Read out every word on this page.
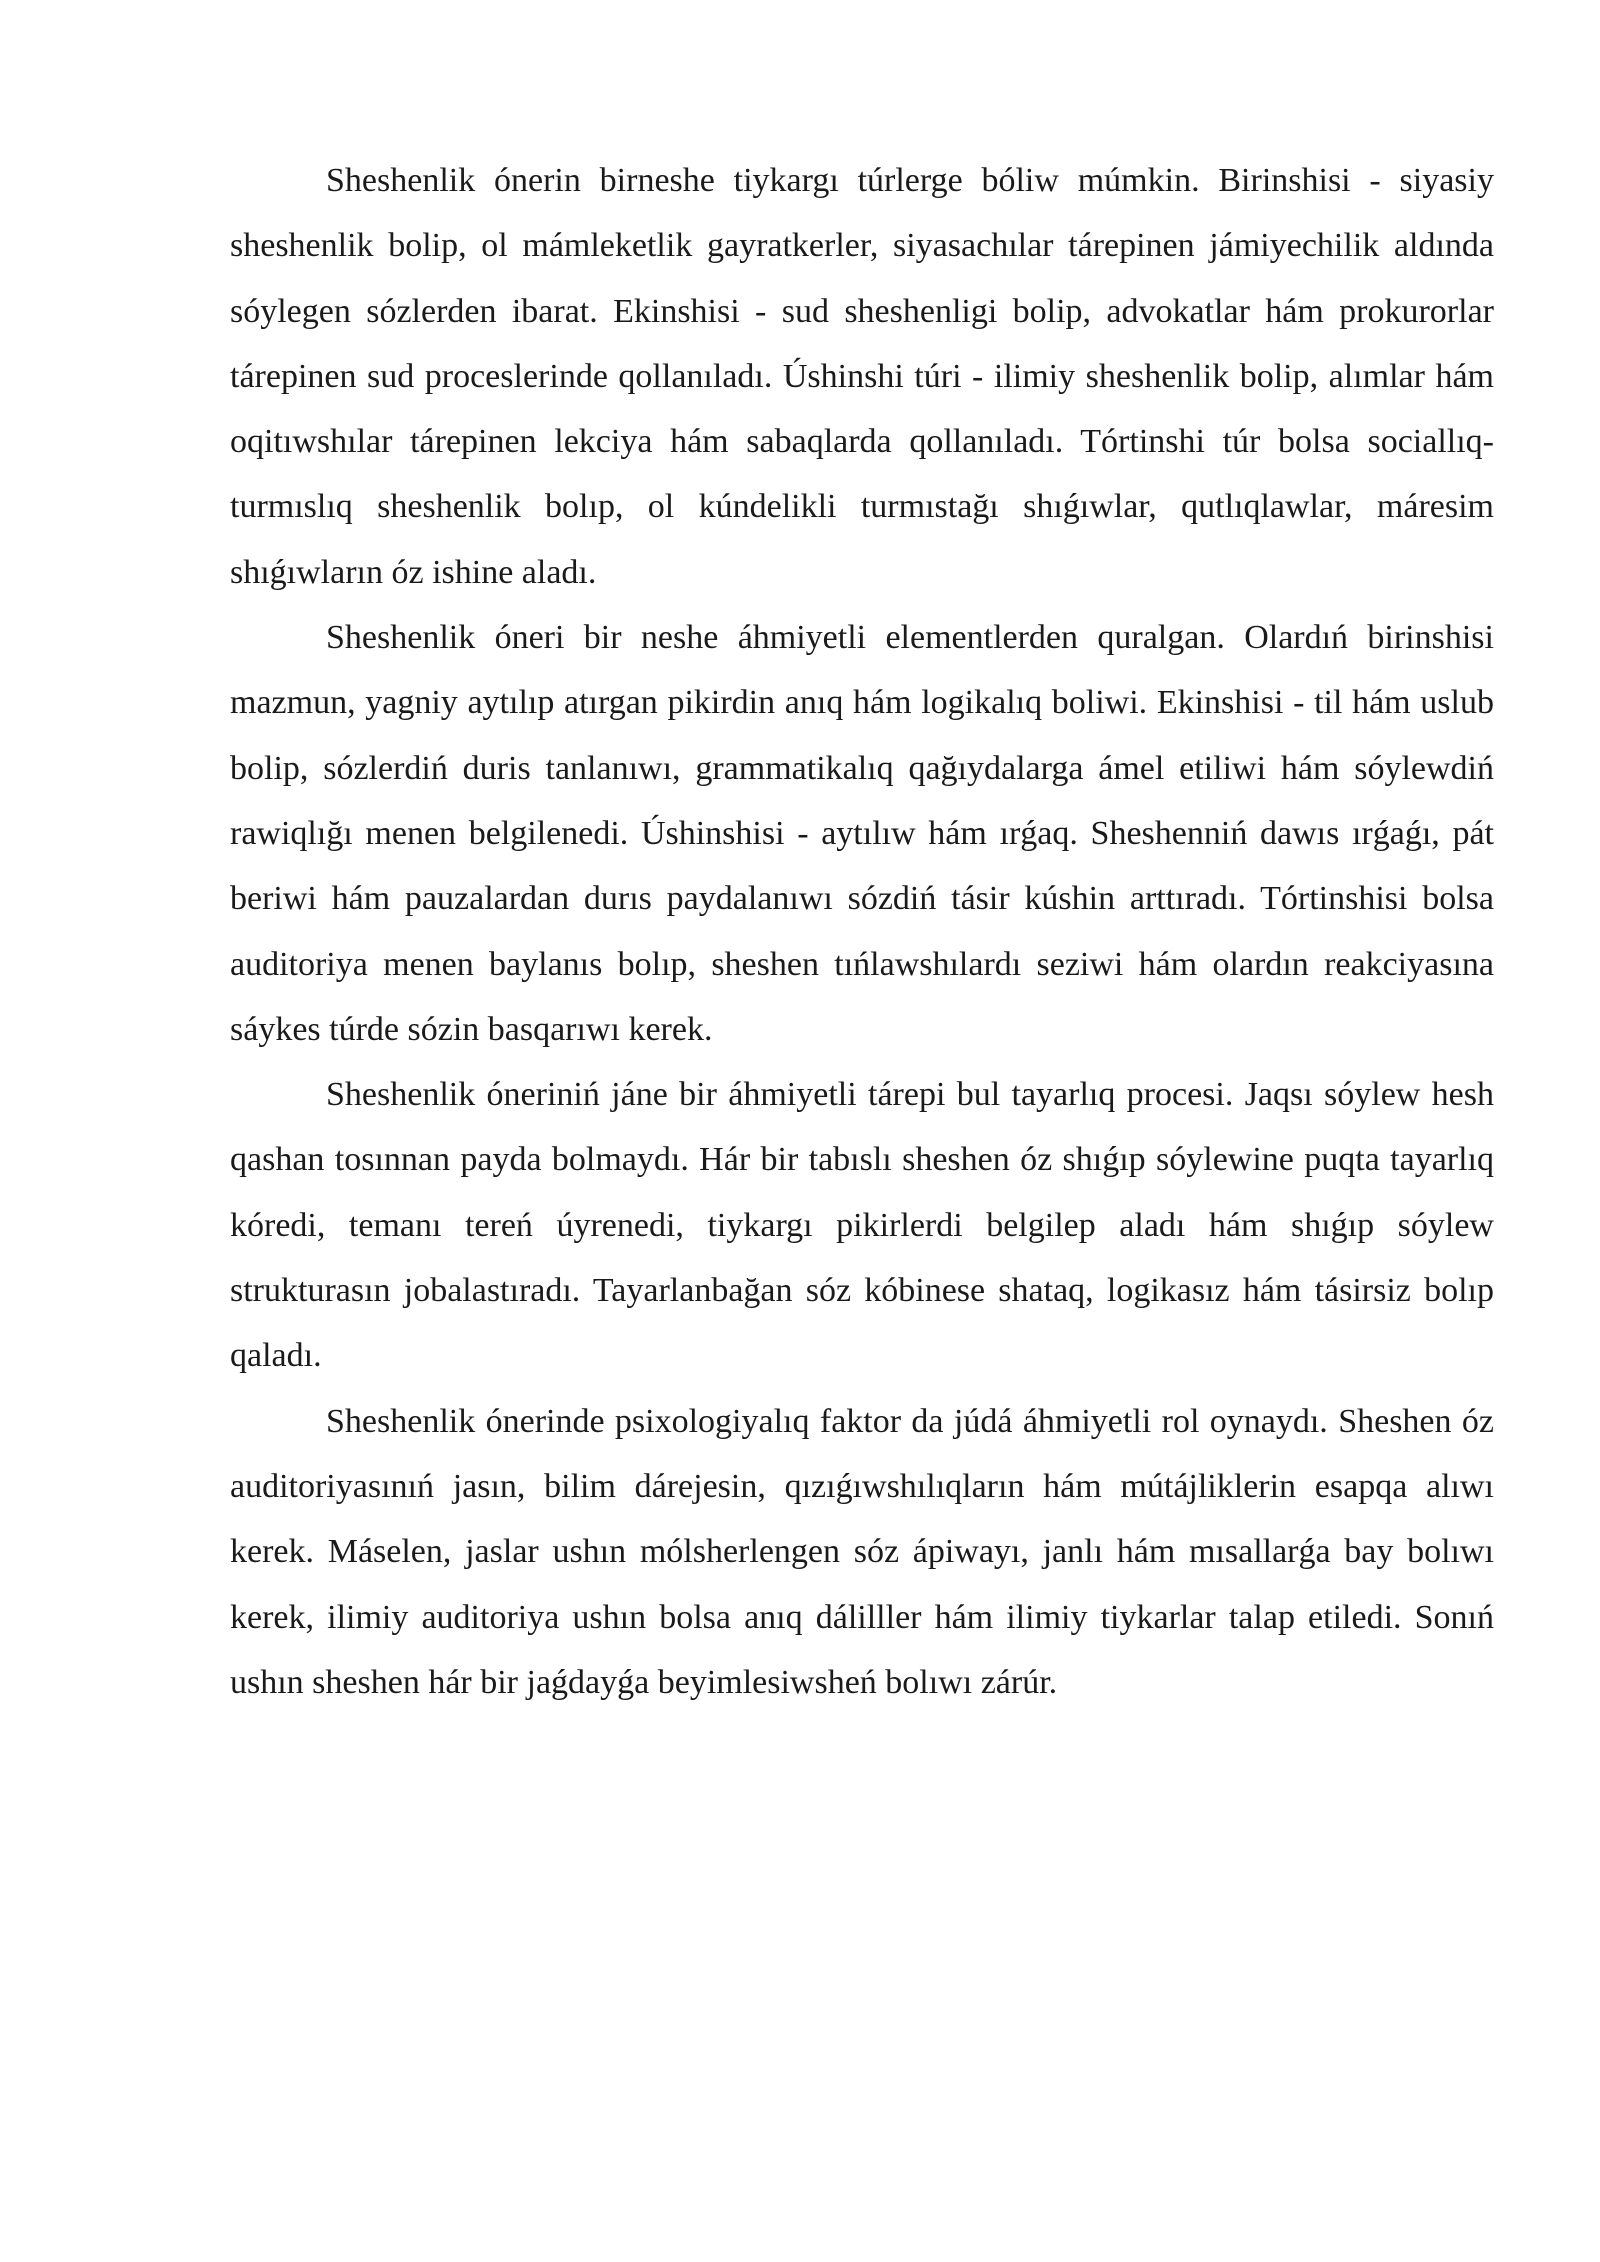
Sheshenlik ónerin birneshe tiykargı túrlerge bóliw múmkin. Birinshisi - siyasiy sheshenlik bolip, ol mámleketlik gayratkerler, siyasachılar tárepinen jámiyechilik aldında sóylegen sózlerden ibarat. Ekinshisi - sud sheshenligi bolip, advokatlar hám prokurorlar tárepinen sud proceslerinde qollanıladı. Úshinshi túri - ilimiy sheshenlik bolip, alımlar hám oqitıwshılar tárepinen lekciya hám sabaqlarda qollanıladı. Tórtinshi túr bolsa sociallıq-turmıslıq sheshenlik bolıp, ol kúndelikli turmıstağı shıǵıwlar, qutlıqlawlar, máresim shıǵıwların óz ishine aladı.

Sheshenlik óneri bir neshe áhmiyetli elementlerden quralgan. Olardıń birinshisi mazmun, yagniy aytılıp atırgan pikirdin anıq hám logikalıq boliwi. Ekinshisi - til hám uslub bolip, sózlerdiń duris tanlanıwı, grammatikalıq qağıydalarga ámel etiliwi hám sóylewdiń rawiqlığı menen belgilenedi. Úshinshisi - aytılıw hám ırǵaq. Sheshenniń dawıs ırǵaǵı, pát beriwi hám pauzalardan durıs paydalanıwı sózdiń tásir kúshin arttıradı. Tórtinshisi bolsa auditoriya menen baylanıs bolıp, sheshen tıńlawshılardı seziwi hám olardın reakciyasına sáykes túrde sózin basqarıwı kerek.

Sheshenlik óneriniń jáne bir áhmiyetli tárepi bul tayarlıq procesi. Jaqsı sóylew hesh qashan tosınnan payda bolmaydı. Hár bir tabıslı sheshen óz shıǵıp sóylewine puqta tayarlıq kóredi, temanı tereń úyrenedi, tiykargı pikirlerdi belgilep aladı hám shıǵıp sóylew strukturasın jobalastıradı. Tayarlanbağan sóz kóbinese shataq, logikasız hám tásirsiz bolıp qaladı.

Sheshenlik ónerinde psixologiyalıq faktor da júdá áhmiyetli rol oynaydı. Sheshen óz auditoriyasınıń jasın, bilim dárejesin, qızıǵıwshılıqların hám mútájliklerin esapqa alıwı kerek. Máselen, jaslar ushın mólsherlengen sóz ápiwayı, janlı hám mısallarǵa bay bolıwı kerek, ilimiy auditoriya ushın bolsa anıq dálilller hám ilimiy tiykarlar talap etiledi. Sonıń ushın sheshen hár bir jaǵdayǵa beyimlesiwsheń bolıwı zárúr.
